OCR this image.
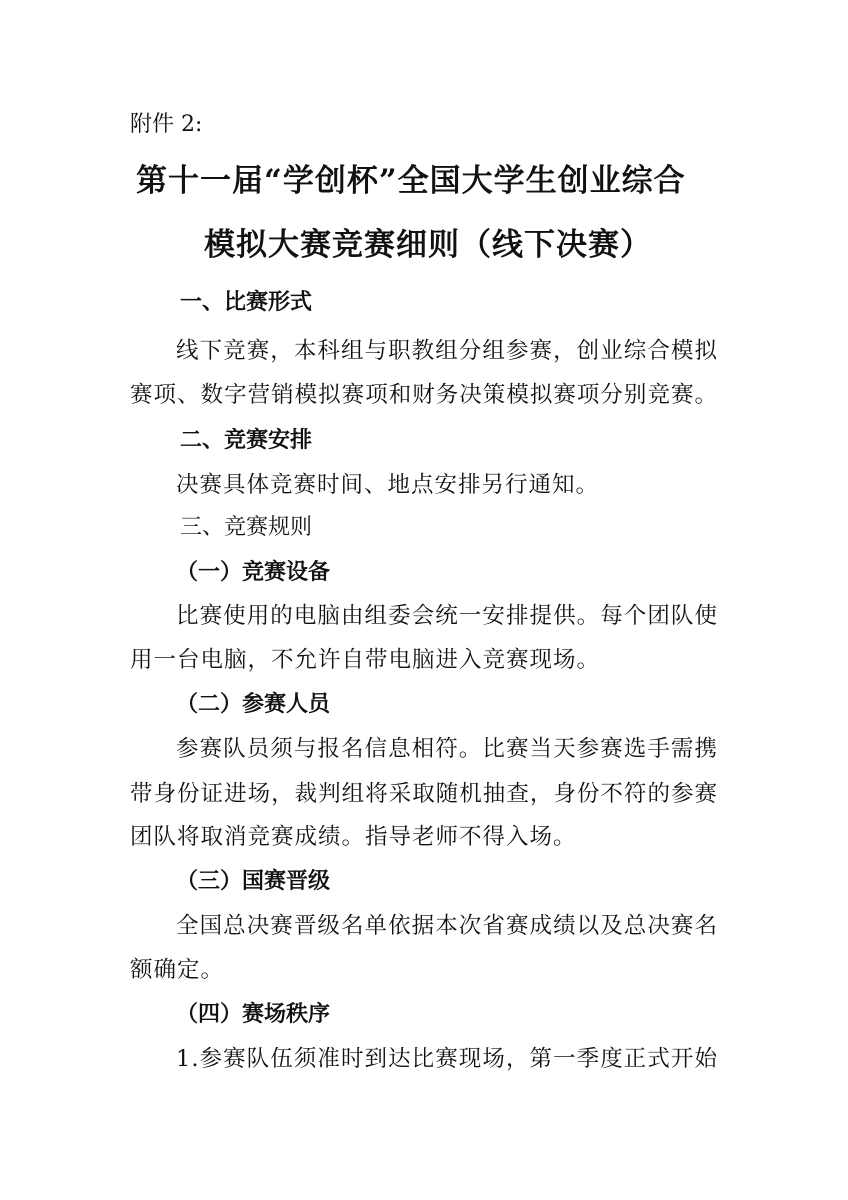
附件 2:
第十一届“学创杯”全国大学生创业综合
模拟大赛竞赛细则（线下决赛）
一、比赛形式
线下竞赛，本科组与职教组分组参赛，创业综合模拟
赛项、数字营销模拟赛项和财务决策模拟赛项分别竞赛。
二、竞赛安排
决赛具体竞赛时间、地点安排另行通知。
三、竞赛规则
（一）竞赛设备
比赛使用的电脑由组委会统一安排提供。每个团队使
用一台电脑，不允许自带电脑进入竞赛现场。
（二）参赛人员
参赛队员须与报名信息相符。比赛当天参赛选手需携
带身份证进场，裁判组将采取随机抽查，身份不符的参赛
团队将取消竞赛成绩。指导老师不得入场。
（三）国赛晋级
全国总决赛晋级名单依据本次省赛成绩以及总决赛名
额确定。
（四）赛场秩序
1.参赛队伍须准时到达比赛现场，第一季度正式开始
